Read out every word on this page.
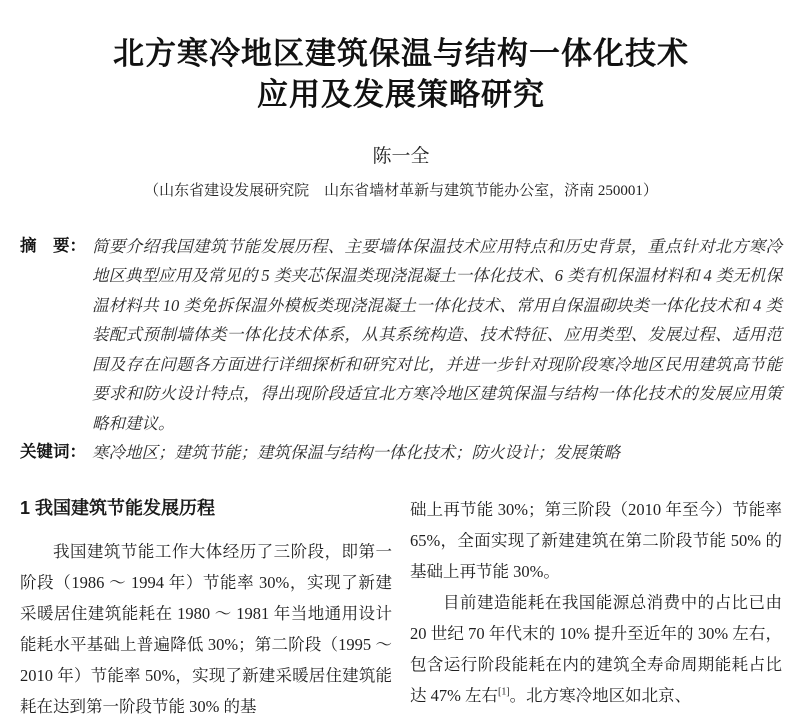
北方寒冷地区建筑保温与结构一体化技术
应用及发展策略研究
陈一全
（山东省建设发展研究院　山东省墙材革新与建筑节能办公室，济南 250001）
摘　要： 简要介绍我国建筑节能发展历程、主要墙体保温技术应用特点和历史背景，重点针对北方寒冷地区典型应用及常见的 5 类夹芯保温类现浇混凝土一体化技术、6 类有机保温材料和 4 类无机保温材料共 10 类免拆保温外模板类现浇混凝土一体化技术、常用自保温砌块类一体化技术和 4 类装配式预制墙体类一体化技术体系，从其系统构造、技术特征、应用类型、发展过程、适用范围及存在问题各方面进行详细探析和研究对比，并进一步针对现阶段寒冷地区民用建筑高节能要求和防火设计特点，得出现阶段适宜北方寒冷地区建筑保温与结构一体化技术的发展应用策略和建议。
关键词： 寒冷地区；建筑节能；建筑保温与结构一体化技术；防火设计；发展策略
1 我国建筑节能发展历程

我国建筑节能工作大体经历了三阶段，即第一阶段（1986 ～ 1994 年）节能率 30%，实现了新建采暖居住建筑能耗在 1980 ～ 1981 年当地通用设计能耗水平基础上普遍降低 30%；第二阶段（1995 ～ 2010 年）节能率 50%，实现了新建采暖居住建筑能耗在达到第一阶段节能 30% 的基

础上再节能 30%；第三阶段（2010 年至今）节能率 65%，全面实现了新建建筑在第二阶段节能 50% 的基础上再节能 30%。

目前建造能耗在我国能源总消费中的占比已由 20 世纪 70 年代末的 10% 提升至近年的 30% 左右，包含运行阶段能耗在内的建筑全寿命周期能耗占比达 47% 左右[1]。北方寒冷地区如北京、
